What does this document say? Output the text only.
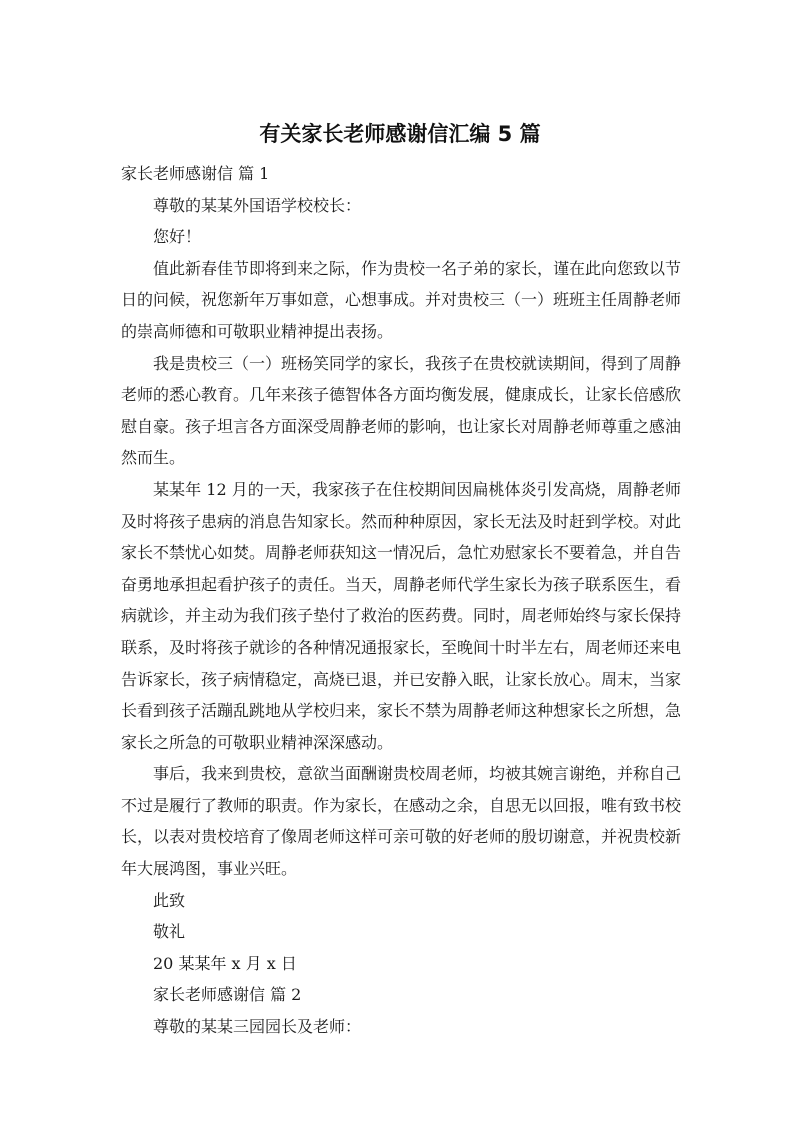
有关家长老师感谢信汇编 5 篇

家长老师感谢信 篇 1

尊敬的某某外国语学校校长：

您好！

值此新春佳节即将到来之际，作为贵校一名子弟的家长，谨在此向您致以节日的问候，祝您新年万事如意，心想事成。并对贵校三（一）班班主任周静老师的崇高师德和可敬职业精神提出表扬。

我是贵校三（一）班杨笑同学的家长，我孩子在贵校就读期间，得到了周静老师的悉心教育。几年来孩子德智体各方面均衡发展，健康成长，让家长倍感欣慰自豪。孩子坦言各方面深受周静老师的影响，也让家长对周静老师尊重之感油然而生。

某某年 12 月的一天，我家孩子在住校期间因扁桃体炎引发高烧，周静老师及时将孩子患病的消息告知家长。然而种种原因，家长无法及时赶到学校。对此家长不禁忧心如焚。周静老师获知这一情况后，急忙劝慰家长不要着急，并自告奋勇地承担起看护孩子的责任。当天，周静老师代学生家长为孩子联系医生，看病就诊，并主动为我们孩子垫付了救治的医药费。同时，周老师始终与家长保持联系，及时将孩子就诊的各种情况通报家长，至晚间十时半左右，周老师还来电告诉家长，孩子病情稳定，高烧已退，并已安静入眠，让家长放心。周末，当家长看到孩子活蹦乱跳地从学校归来，家长不禁为周静老师这种想家长之所想，急家长之所急的可敬职业精神深深感动。

事后，我来到贵校，意欲当面酬谢贵校周老师，均被其婉言谢绝，并称自己不过是履行了教师的职责。作为家长，在感动之余，自思无以回报，唯有致书校长，以表对贵校培育了像周老师这样可亲可敬的好老师的殷切谢意，并祝贵校新年大展鸿图，事业兴旺。

此致

敬礼

20 某某年 x 月 x 日

家长老师感谢信 篇 2

尊敬的某某三园园长及老师：
